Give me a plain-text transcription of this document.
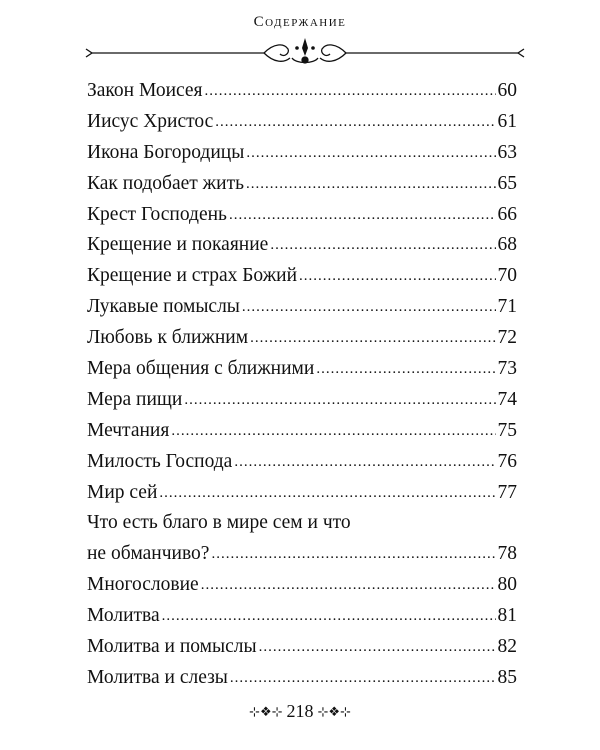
Содержание
Закон Моисея .....	60
Иисус Христос .....	61
Икона Богородицы .....	63
Как подобает жить .....	65
Крест Господень .....	66
Крещение и покаяние .....	68
Крещение и страх Божий .....	70
Лукавые помыслы .....	71
Любовь к ближним .....	72
Мера общения с ближними .....	73
Мера пищи .....	74
Мечтания .....	75
Милость Господа .....	76
Мир сей .....	77
Что есть благо в мире сем и что
не обманчиво? .....	78
Многословие .....	80
Молитва .....	81
Молитва и помыслы .....	82
Молитва и слезы .....	85
⊹❖⊹ 218 ⊹❖⊹
